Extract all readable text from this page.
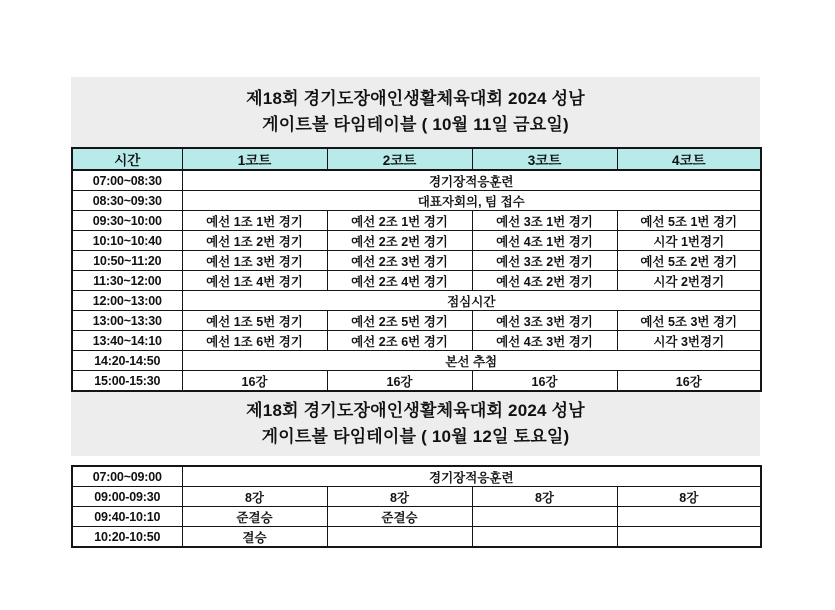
제18회 경기도장애인생활체육대회 2024 성남
게이트볼 타임테이블 ( 10월 11일 금요일)
시간	1코트	2코트	3코트	4코트
07:00~08:30	경기장적응훈련			
08:30~09:30	대표자회의, 팀 접수			
09:30~10:00	예선 1조 1번 경기	예선 2조 1번 경기	예선 3조 1번 경기	예선 5조 1번 경기
10:10~10:40	예선 1조 2번 경기	예선 2조 2번 경기	예선 4조 1번 경기	시각 1번경기
10:50~11:20	예선 1조 3번 경기	예선 2조 3번 경기	예선 3조 2번 경기	예선 5조 2번 경기
11:30~12:00	예선 1조 4번 경기	예선 2조 4번 경기	예선 4조 2번 경기	시각 2번경기
12:00~13:00	점심시간			
13:00~13:30	예선 1조 5번 경기	예선 2조 5번 경기	예선 3조 3번 경기	예선 5조 3번 경기
13:40~14:10	예선 1조 6번 경기	예선 2조 6번 경기	예선 4조 3번 경기	시각 3번경기
14:20-14:50	본선 추첨			
15:00-15:30	16강	16강	16강	16강
제18회 경기도장애인생활체육대회 2024 성남
게이트볼 타임테이블 ( 10월 12일 토요일)
07:00~09:00	경기장적응훈련			
09:00-09:30	8강	8강	8강	8강
09:40-10:10	준결승	준결승		
10:20-10:50	결승			
